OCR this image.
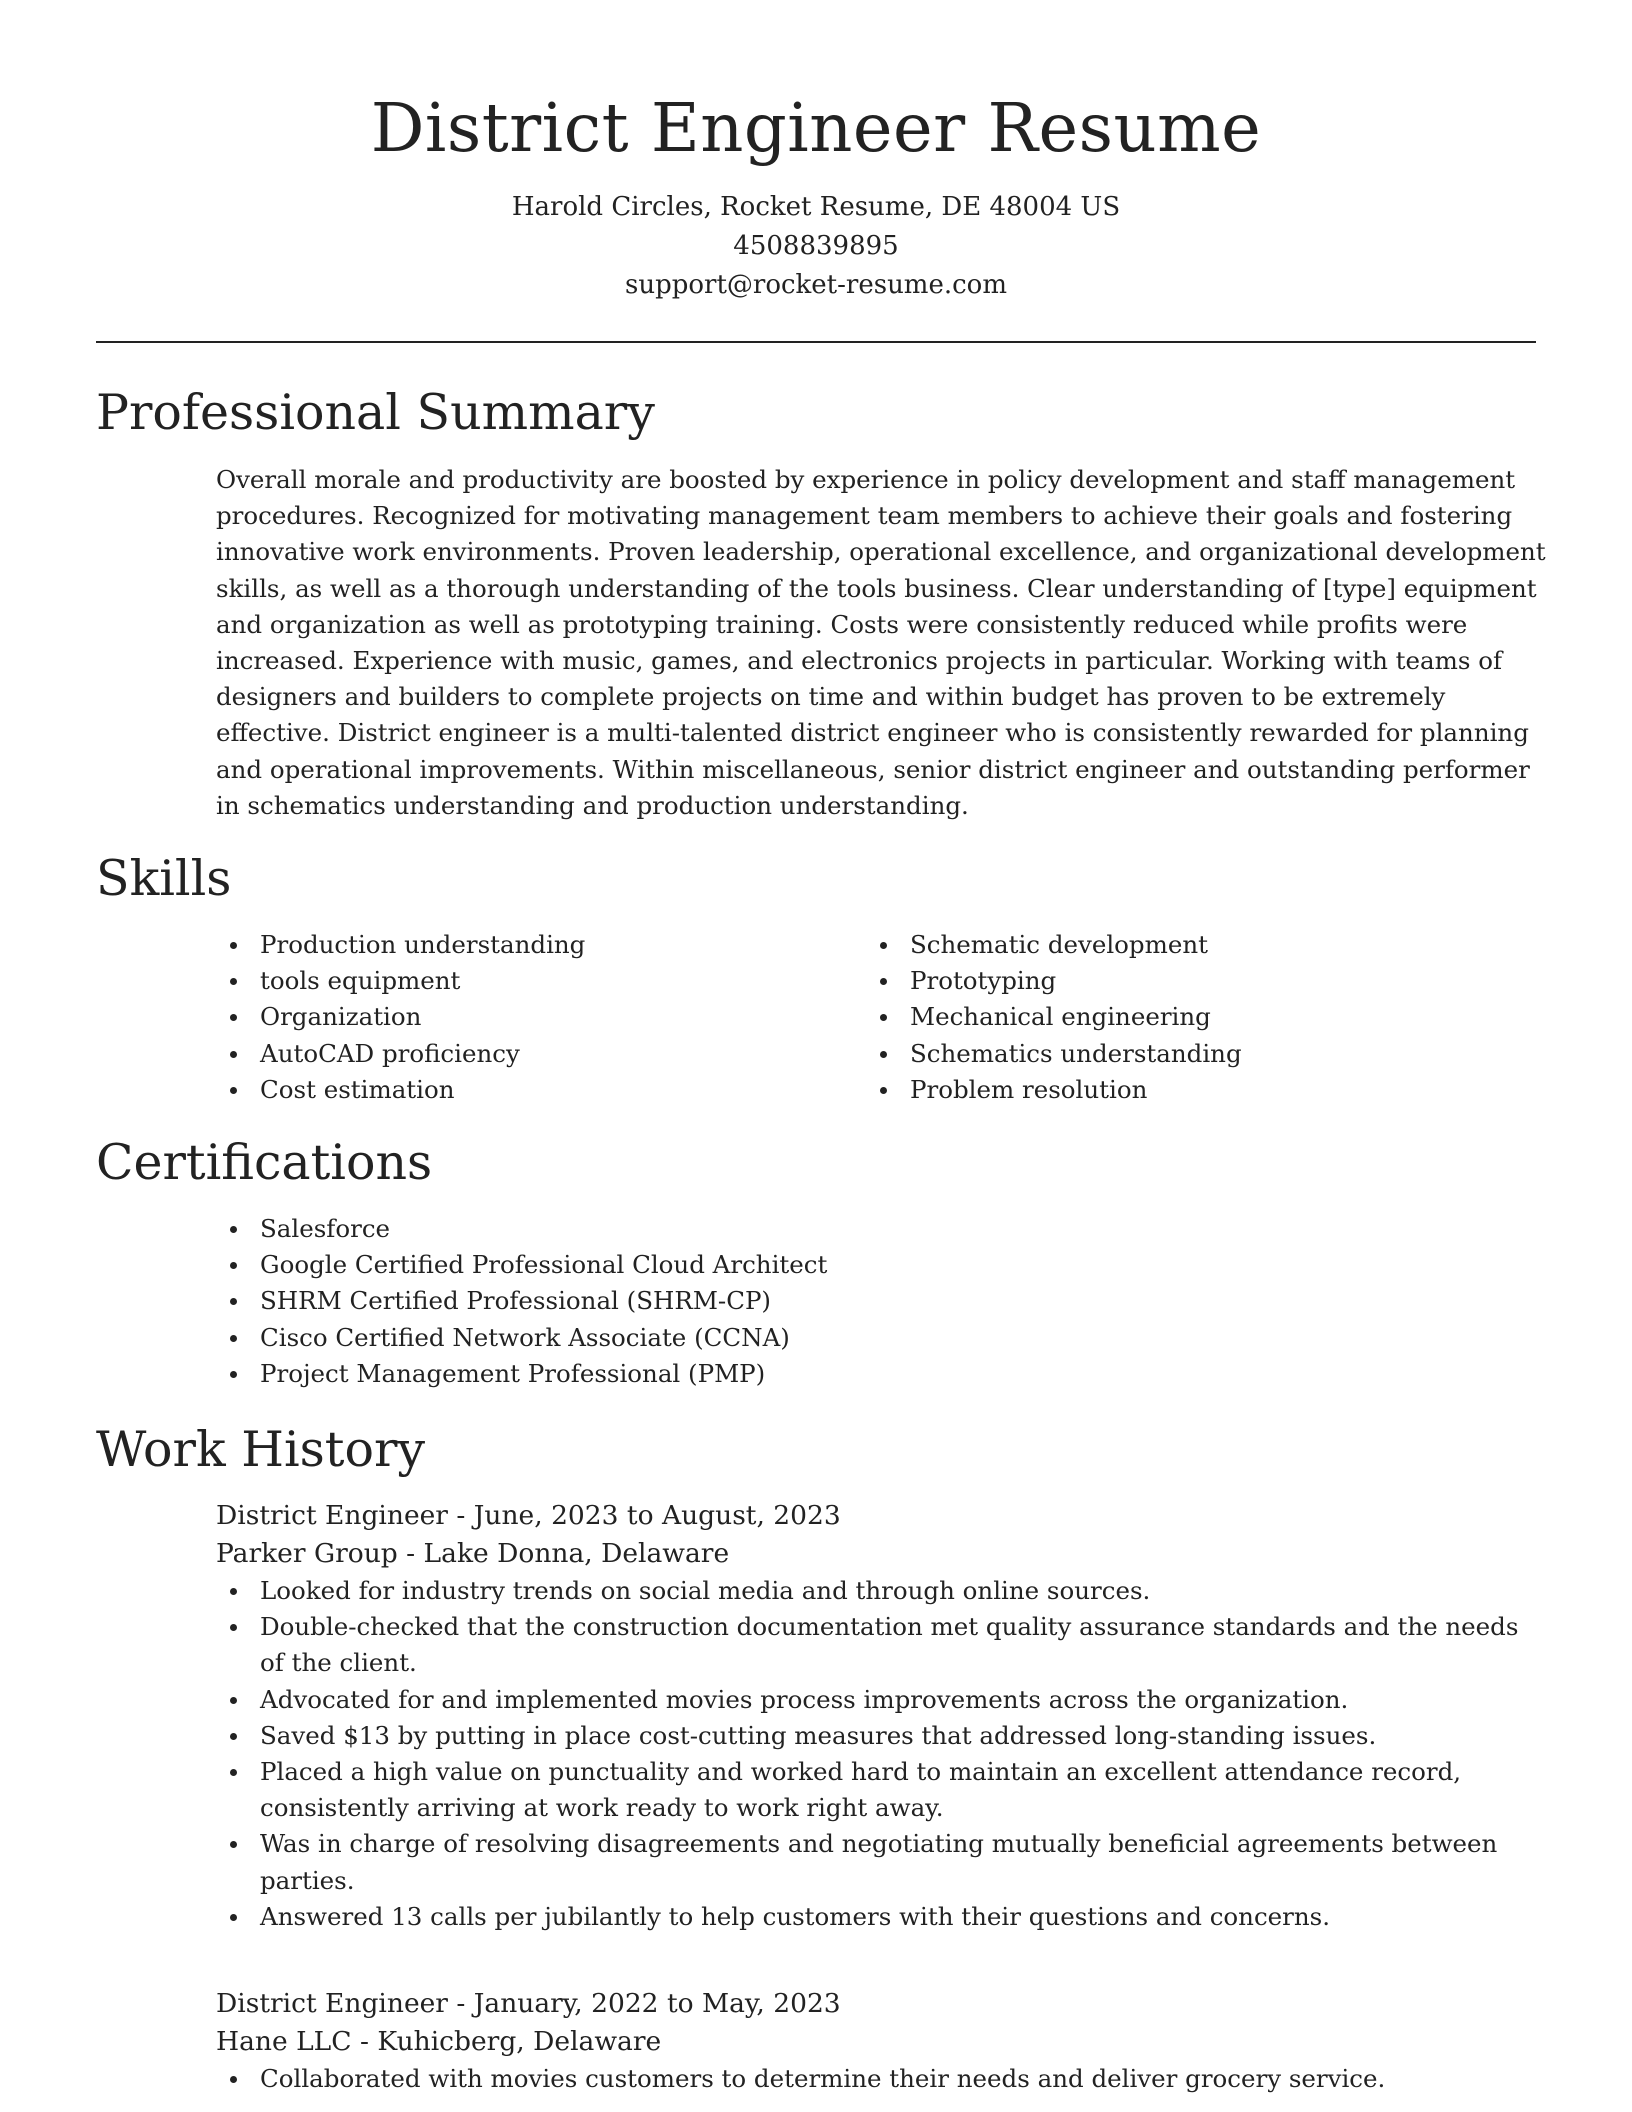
District Engineer Resume
Harold Circles, Rocket Resume, DE 48004 US
4508839895
support@rocket-resume.com
Professional Summary
Overall morale and productivity are boosted by experience in policy development and staff management procedures. Recognized for motivating management team members to achieve their goals and fostering innovative work environments. Proven leadership, operational excellence, and organizational development skills, as well as a thorough understanding of the tools business. Clear understanding of [type] equipment and organization as well as prototyping training. Costs were consistently reduced while profits were increased. Experience with music, games, and electronics projects in particular. Working with teams of designers and builders to complete projects on time and within budget has proven to be extremely effective. District engineer is a multi-talented district engineer who is consistently rewarded for planning and operational improvements. Within miscellaneous, senior district engineer and outstanding performer in schematics understanding and production understanding.
Skills
Production understanding
tools equipment
Organization
AutoCAD proficiency
Cost estimation
Schematic development
Prototyping
Mechanical engineering
Schematics understanding
Problem resolution
Certifications
Salesforce
Google Certified Professional Cloud Architect
SHRM Certified Professional (SHRM-CP)
Cisco Certified Network Associate (CCNA)
Project Management Professional (PMP)
Work History
District Engineer - June, 2023 to August, 2023
Parker Group - Lake Donna, Delaware
Looked for industry trends on social media and through online sources.
Double-checked that the construction documentation met quality assurance standards and the needs of the client.
Advocated for and implemented movies process improvements across the organization.
Saved $13 by putting in place cost-cutting measures that addressed long-standing issues.
Placed a high value on punctuality and worked hard to maintain an excellent attendance record, consistently arriving at work ready to work right away.
Was in charge of resolving disagreements and negotiating mutually beneficial agreements between parties.
Answered 13 calls per jubilantly to help customers with their questions and concerns.
District Engineer - January, 2022 to May, 2023
Hane LLC - Kuhicberg, Delaware
Collaborated with movies customers to determine their needs and deliver grocery service.
